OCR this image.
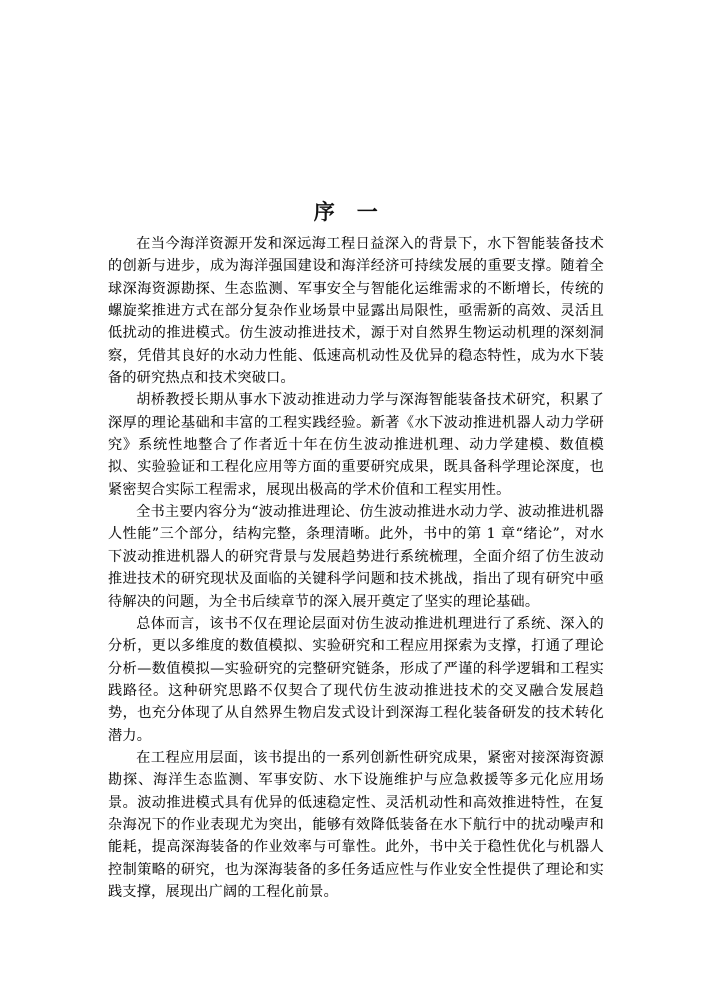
序　一

在当今海洋资源开发和深远海工程日益深入的背景下，水下智能装备技术的创新与进步，成为海洋强国建设和海洋经济可持续发展的重要支撑。随着全球深海资源勘探、生态监测、军事安全与智能化运维需求的不断增长，传统的螺旋桨推进方式在部分复杂作业场景中显露出局限性，亟需新的高效、灵活且低扰动的推进模式。仿生波动推进技术，源于对自然界生物运动机理的深刻洞察，凭借其良好的水动力性能、低速高机动性及优异的稳态特性，成为水下装备的研究热点和技术突破口。

胡桥教授长期从事水下波动推进动力学与深海智能装备技术研究，积累了深厚的理论基础和丰富的工程实践经验。新著《水下波动推进机器人动力学研究》系统性地整合了作者近十年在仿生波动推进机理、动力学建模、数值模拟、实验验证和工程化应用等方面的重要研究成果，既具备科学理论深度，也紧密契合实际工程需求，展现出极高的学术价值和工程实用性。

全书主要内容分为“波动推进理论、仿生波动推进水动力学、波动推进机器人性能”三个部分，结构完整，条理清晰。此外，书中的第 1 章“绪论”，对水下波动推进机器人的研究背景与发展趋势进行系统梳理，全面介绍了仿生波动推进技术的研究现状及面临的关键科学问题和技术挑战，指出了现有研究中亟待解决的问题，为全书后续章节的深入展开奠定了坚实的理论基础。

总体而言，该书不仅在理论层面对仿生波动推进机理进行了系统、深入的分析，更以多维度的数值模拟、实验研究和工程应用探索为支撑，打通了理论分析—数值模拟—实验研究的完整研究链条，形成了严谨的科学逻辑和工程实践路径。这种研究思路不仅契合了现代仿生波动推进技术的交叉融合发展趋势，也充分体现了从自然界生物启发式设计到深海工程化装备研发的技术转化潜力。

在工程应用层面，该书提出的一系列创新性研究成果，紧密对接深海资源勘探、海洋生态监测、军事安防、水下设施维护与应急救援等多元化应用场景。波动推进模式具有优异的低速稳定性、灵活机动性和高效推进特性，在复杂海况下的作业表现尤为突出，能够有效降低装备在水下航行中的扰动噪声和能耗，提高深海装备的作业效率与可靠性。此外，书中关于稳性优化与机器人控制策略的研究，也为深海装备的多任务适应性与作业安全性提供了理论和实践支撑，展现出广阔的工程化前景。
